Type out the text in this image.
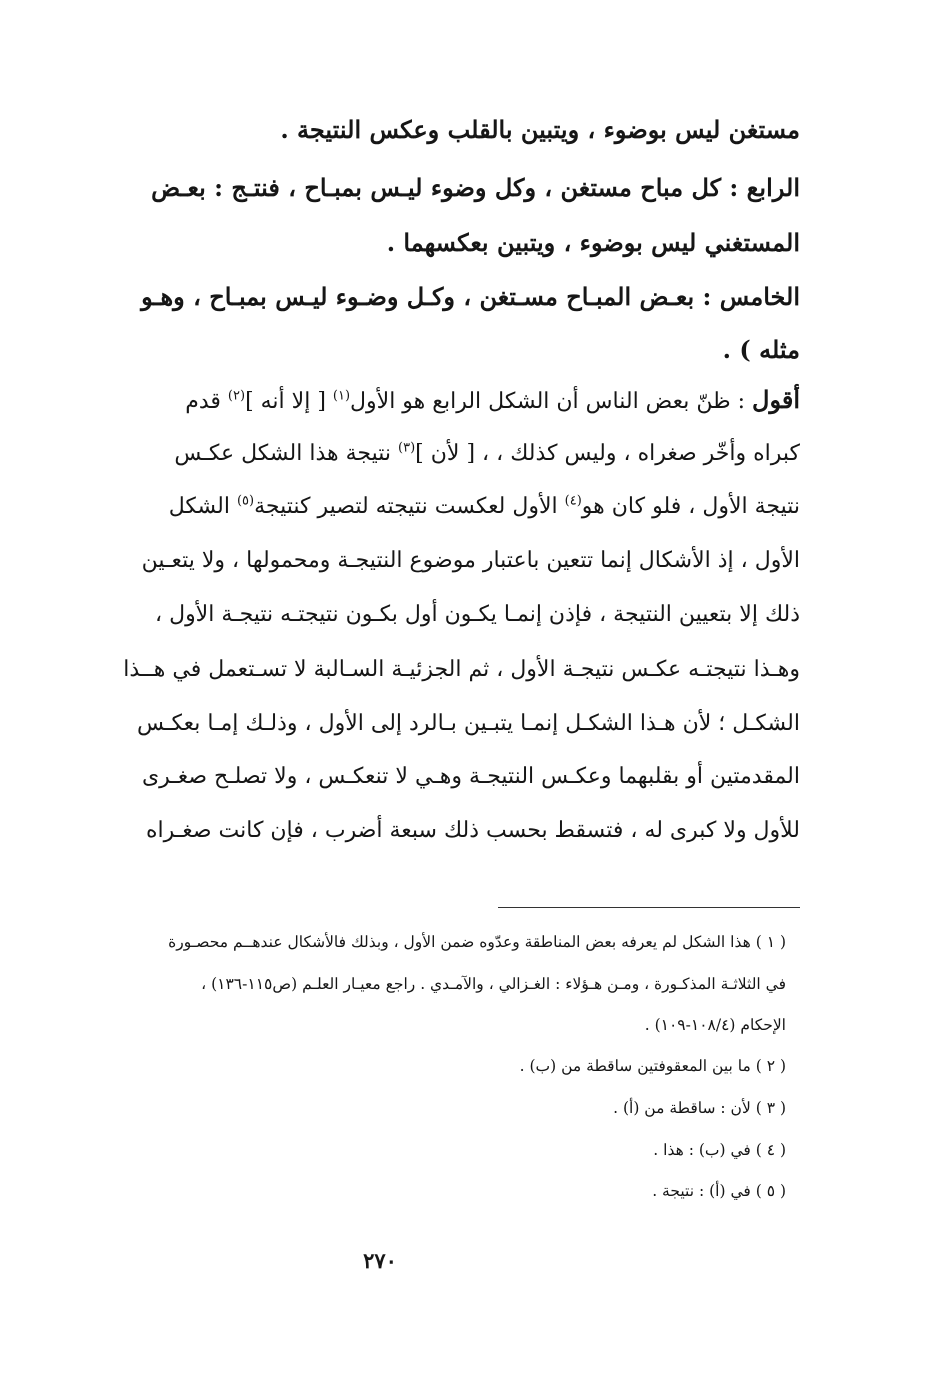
مستغن ليس بوضوء ، ويتبين بالقلب وعكس النتيجة .
الرابع : كل مباح مستغن ، وكل وضوء ليـس بمبـاح ، فنتـج : بعـض
المستغني ليس بوضوء ، ويتبين بعكسهما .
الخامس : بعـض المبـاح مسـتغن ، وكـل وضـوء ليـس بمبـاح ، وهـو
مثله ) .
أقول : ظنّ بعض الناس أن الشكل الرابع هو الأول$^{(١)}$ [ إلا أنه ]$^{(٢)}$ قدم
كبراه وأخّر صغراه ، وليس كذلك ، ، [ لأن ]$^{(٣)}$ نتيجة هذا الشكل عكـس
نتيجة الأول ، فلو كان هو$^{(٤)}$ الأول لعكست نتيجته لتصير كنتيجة$^{(٥)}$ الشكل
الأول ، إذ الأشكال إنما تتعين باعتبار موضوع النتيجـة ومحمولها ، ولا يتعـين
ذلك إلا بتعيين النتيجة ، فإذن إنمـا يكـون أول بكـون نتيجتـه نتيجـة الأول ،
وهـذا نتيجتـه عكـس نتيجـة الأول ، ثم الجزئيـة السـالبة لا تسـتعمل في هــذا
الشكـل ؛ لأن هـذا الشكـل إنمـا يتبـين بـالرد إلى الأول ، وذلـك إمـا بعكـس
المقدمتين أو بقلبهما وعكـس النتيجـة وهـي لا تنعكـس ، ولا تصلـح صغـرى
للأول ولا كبرى له ، فتسقط بحسب ذلك سبعة أضرب ، فإن كانت صغـراه
( ١ ) هذا الشكل لم يعرفه بعض المناطقة وعدّوه ضمن الأول ، وبذلك فالأشكال عندهــم محصـورة
في الثلاثـة المذكـورة ، ومـن هـؤلاء : الغـزالي ، والآمـدي . راجع معيـار العلـم (ص١١٥-١٣٦) ،
الإحكام (١٠٨/٤-١٠٩) .
( ٢ ) ما بين المعقوفتين ساقطة من (ب) .
( ٣ ) لأن : ساقطة من (أ) .
( ٤ ) في (ب) : هذا .
( ٥ ) في (أ) : نتيجة .
٢٧٠
